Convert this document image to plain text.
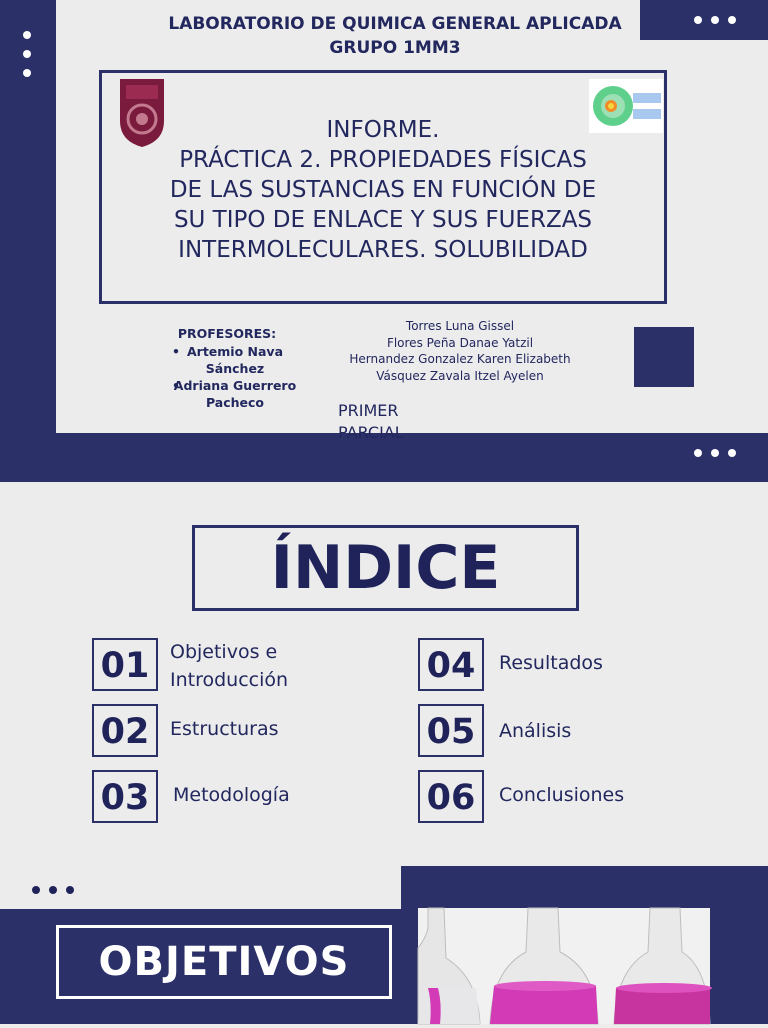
LABORATORIO DE QUIMICA GENERAL APLICADA
GRUPO 1MM3
INFORME.
PRÁCTICA 2. PROPIEDADES FÍSICAS
DE LAS SUSTANCIAS EN FUNCIÓN DE
SU TIPO DE ENLACE Y SUS FUERZAS
INTERMOLECULARES. SOLUBILIDAD
PROFESORES:
• Artemio Nava Sánchez
• Adriana Guerrero Pacheco
Torres Luna Gissel
Flores Peña Danae Yatzil
Hernandez Gonzalez Karen Elizabeth
Vásquez Zavala Itzel Ayelen
PRIMER PARCIAL
ÍNDICE
01	Objetivos e
Introducción
02	Estructuras
03	Metodología
04	Resultados
05	Análisis
06	Conclusiones
OBJETIVOS
